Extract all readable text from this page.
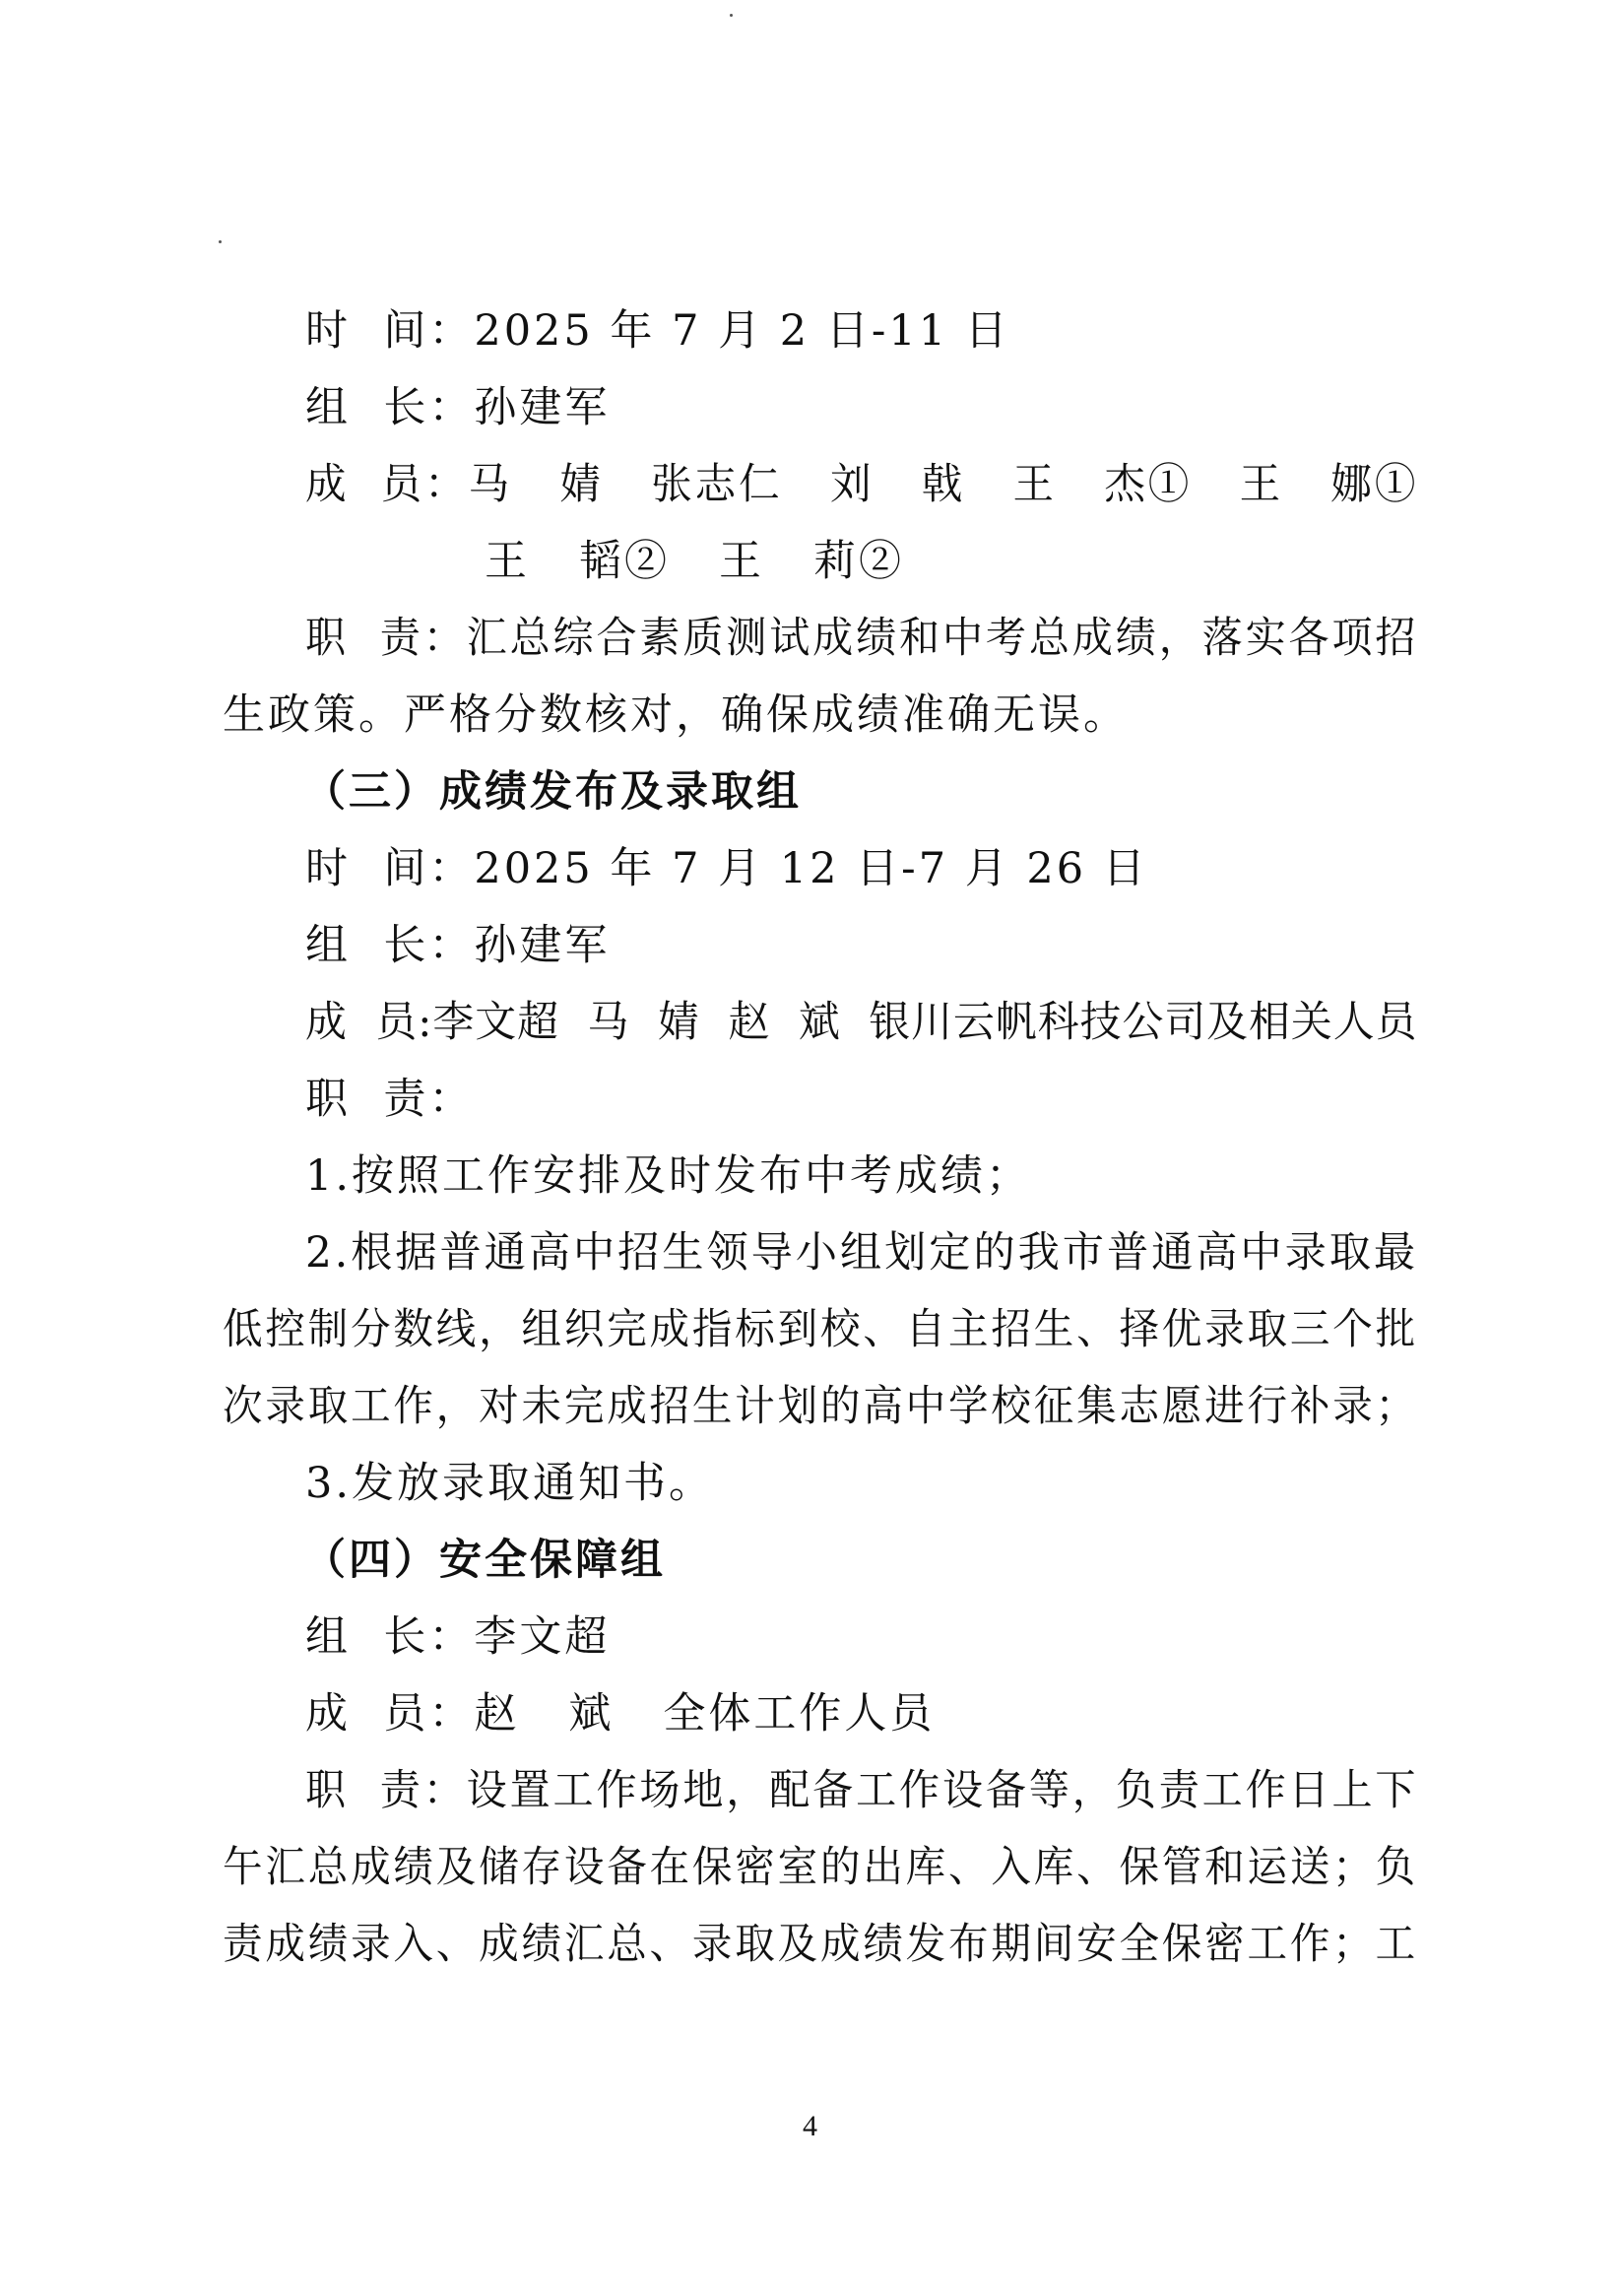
时  间：2025 年 7 月 2 日-11 日
组  长：孙建军
成  员：马   婧   张志仁   刘   戟   王   杰①   王   娜①
王   韬②   王   莉②
职  责：汇总综合素质测试成绩和中考总成绩，落实各项招
生政策。严格分数核对，确保成绩准确无误。
（三）成绩发布及录取组
时  间：2025 年 7 月 12 日-7 月 26 日
组  长：孙建军
成  员:李文超  马  婧  赵  斌  银川云帆科技公司及相关人员
职  责：
1.按照工作安排及时发布中考成绩；
2.根据普通高中招生领导小组划定的我市普通高中录取最
低控制分数线，组织完成指标到校、自主招生、择优录取三个批
次录取工作，对未完成招生计划的高中学校征集志愿进行补录；
3.发放录取通知书。
（四）安全保障组
组  长：李文超
成  员：赵   斌   全体工作人员
职  责：设置工作场地，配备工作设备等，负责工作日上下
午汇总成绩及储存设备在保密室的出库、入库、保管和运送；负
责成绩录入、成绩汇总、录取及成绩发布期间安全保密工作；工
4
